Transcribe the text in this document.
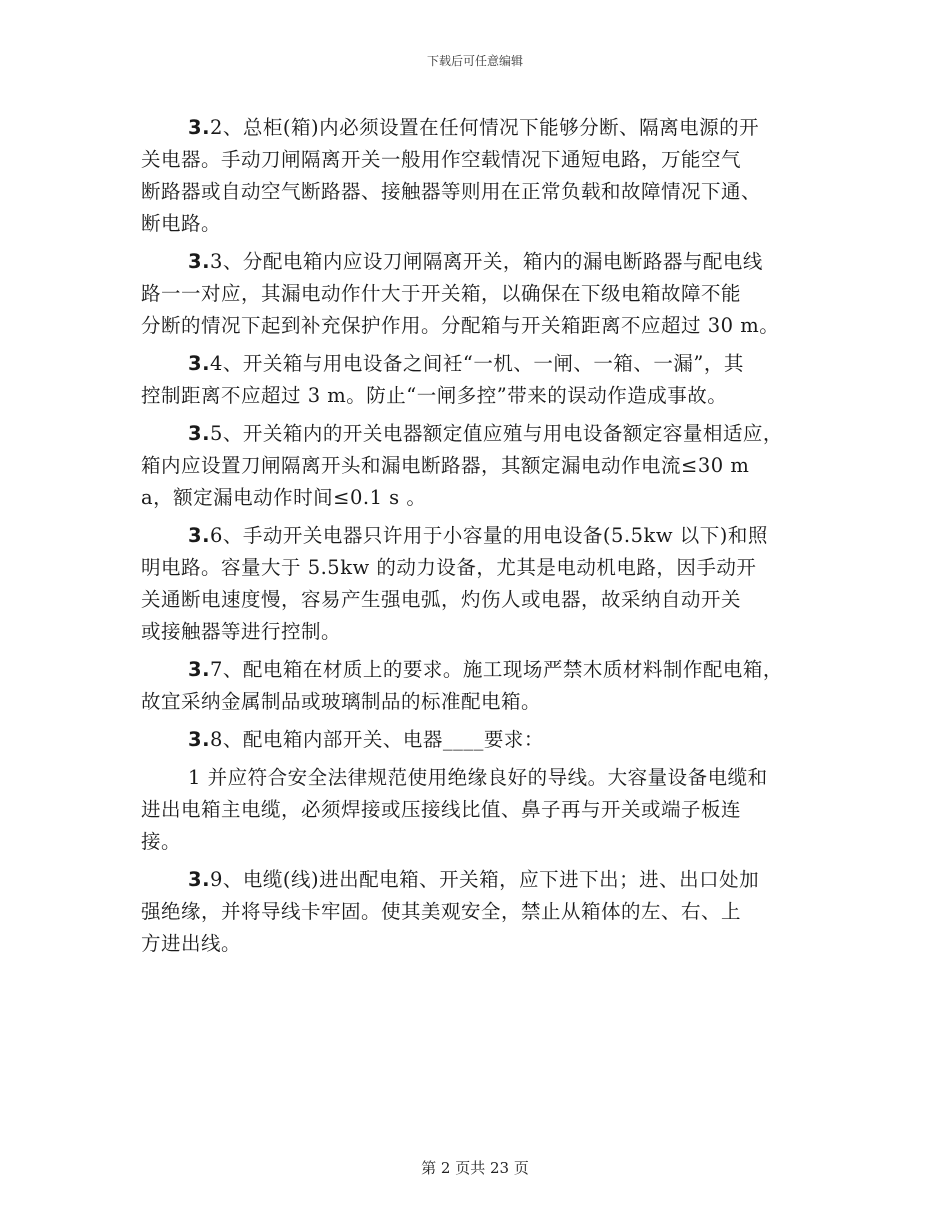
下载后可任意编辑
3.2、总柜(箱)内必须设置在任何情况下能够分断、隔离电源的开
关电器。手动刀闸隔离开关一般用作空载情况下通短电路，万能空气
断路器或自动空气断路器、接触器等则用在正常负载和故障情况下通、
断电路。
3.3、分配电箱内应设刀闸隔离开关，箱内的漏电断路器与配电线
路一一对应，其漏电动作什大于开关箱，以确保在下级电箱故障不能
分断的情况下起到补充保护作用。分配箱与开关箱距离不应超过 30 m。
3.4、开关箱与用电设备之间衽“一机、一闸、一箱、一漏”，其
控制距离不应超过 3 m。防止“一闸多控”带来的误动作造成事故。
3.5、开关箱内的开关电器额定值应殖与用电设备额定容量相适应，
箱内应设置刀闸隔离开头和漏电断路器，其额定漏电动作电流≤30 m
a，额定漏电动作时间≤0.1 s 。
3.6、手动开关电器只许用于小容量的用电设备(5.5kw 以下)和照
明电路。容量大于 5.5kw 的动力设备，尤其是电动机电路，因手动开
关通断电速度慢，容易产生强电弧，灼伤人或电器，故采纳自动开关
或接触器等进行控制。
3.7、配电箱在材质上的要求。施工现场严禁木质材料制作配电箱，
故宜采纳金属制品或玻璃制品的标准配电箱。
3.8、配电箱内部开关、电器____要求：
1 并应符合安全法律规范使用绝缘良好的导线。大容量设备电缆和
进出电箱主电缆，必须焊接或压接线比值、鼻子再与开关或端子板连
接。
3.9、电缆(线)进出配电箱、开关箱，应下进下出；进、出口处加
强绝缘，并将导线卡牢固。使其美观安全，禁止从箱体的左、右、上
方进出线。
第 2 页共 23 页
